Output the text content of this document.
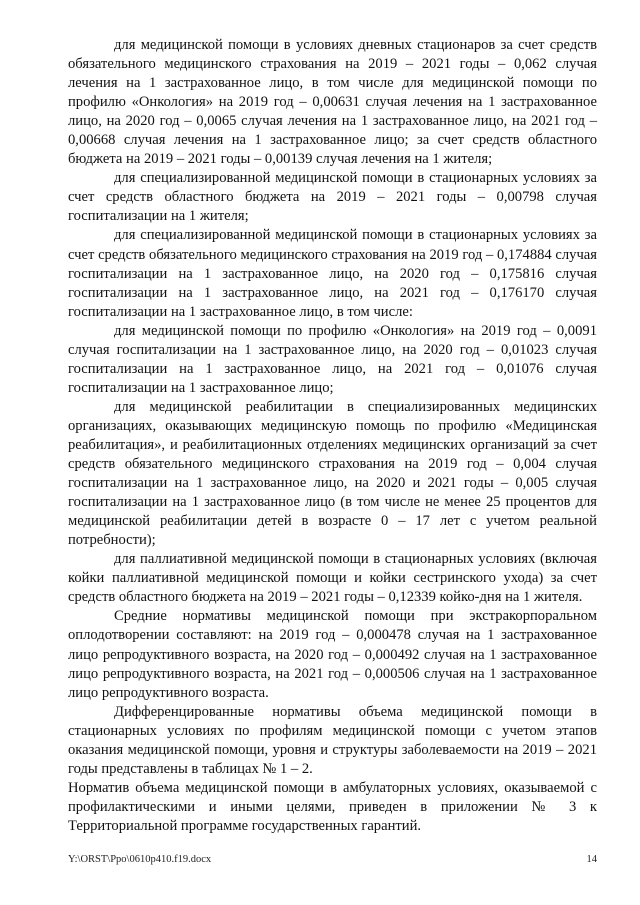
для медицинской помощи в условиях дневных стационаров за счет средств обязательного медицинского страхования на 2019 – 2021 годы – 0,062 случая лечения на 1 застрахованное лицо, в том числе для медицинской помощи по профилю «Онкология» на 2019 год – 0,00631 случая лечения на 1 застрахованное лицо, на 2020 год – 0,0065 случая лечения на 1 застрахованное лицо, на 2021 год – 0,00668 случая лечения на 1 застрахованное лицо; за счет средств областного бюджета на 2019 – 2021 годы – 0,00139 случая лечения на 1 жителя;

для специализированной медицинской помощи в стационарных условиях за счет средств областного бюджета на 2019 – 2021 годы – 0,00798 случая госпитализации на 1 жителя;

для специализированной медицинской помощи в стационарных условиях за счет средств обязательного медицинского страхования на 2019 год – 0,174884 случая госпитализации на 1 застрахованное лицо, на 2020 год – 0,175816 случая госпитализации на 1 застрахованное лицо, на 2021 год – 0,176170 случая госпитализации на 1 застрахованное лицо, в том числе:

для медицинской помощи по профилю «Онкология» на 2019 год – 0,0091 случая госпитализации на 1 застрахованное лицо, на 2020 год – 0,01023 случая госпитализации на 1 застрахованное лицо, на 2021 год – 0,01076 случая госпитализации на 1 застрахованное лицо;

для медицинской реабилитации в специализированных медицинских организациях, оказывающих медицинскую помощь по профилю «Медицинская реабилитация», и реабилитационных отделениях медицинских организаций за счет средств обязательного медицинского страхования на 2019 год – 0,004 случая госпитализации на 1 застрахованное лицо, на 2020 и 2021 годы – 0,005 случая госпитализации на 1 застрахованное лицо (в том числе не менее 25 процентов для медицинской реабилитации детей в возрасте 0 – 17 лет с учетом реальной потребности);

для паллиативной медицинской помощи в стационарных условиях (включая койки паллиативной медицинской помощи и койки сестринского ухода) за счет средств областного бюджета на 2019 – 2021 годы – 0,12339 койко-дня на 1 жителя.

Средние нормативы медицинской помощи при экстракорпоральном оплодотворении составляют: на 2019 год – 0,000478 случая на 1 застрахованное лицо репродуктивного возраста, на 2020 год – 0,000492 случая на 1 застрахованное лицо репродуктивного возраста, на 2021 год – 0,000506 случая на 1 застрахованное лицо репродуктивного возраста.

Дифференцированные нормативы объема медицинской помощи в стационарных условиях по профилям медицинской помощи с учетом этапов оказания медицинской помощи, уровня и структуры заболеваемости на 2019 – 2021 годы представлены в таблицах № 1 – 2.

Норматив объема медицинской помощи в амбулаторных условиях, оказываемой с профилактическими и иными целями, приведен в приложении № 3 к Территориальной программе государственных гарантий.

Y:\ORST\Ppo\0610p410.f19.docx	14
